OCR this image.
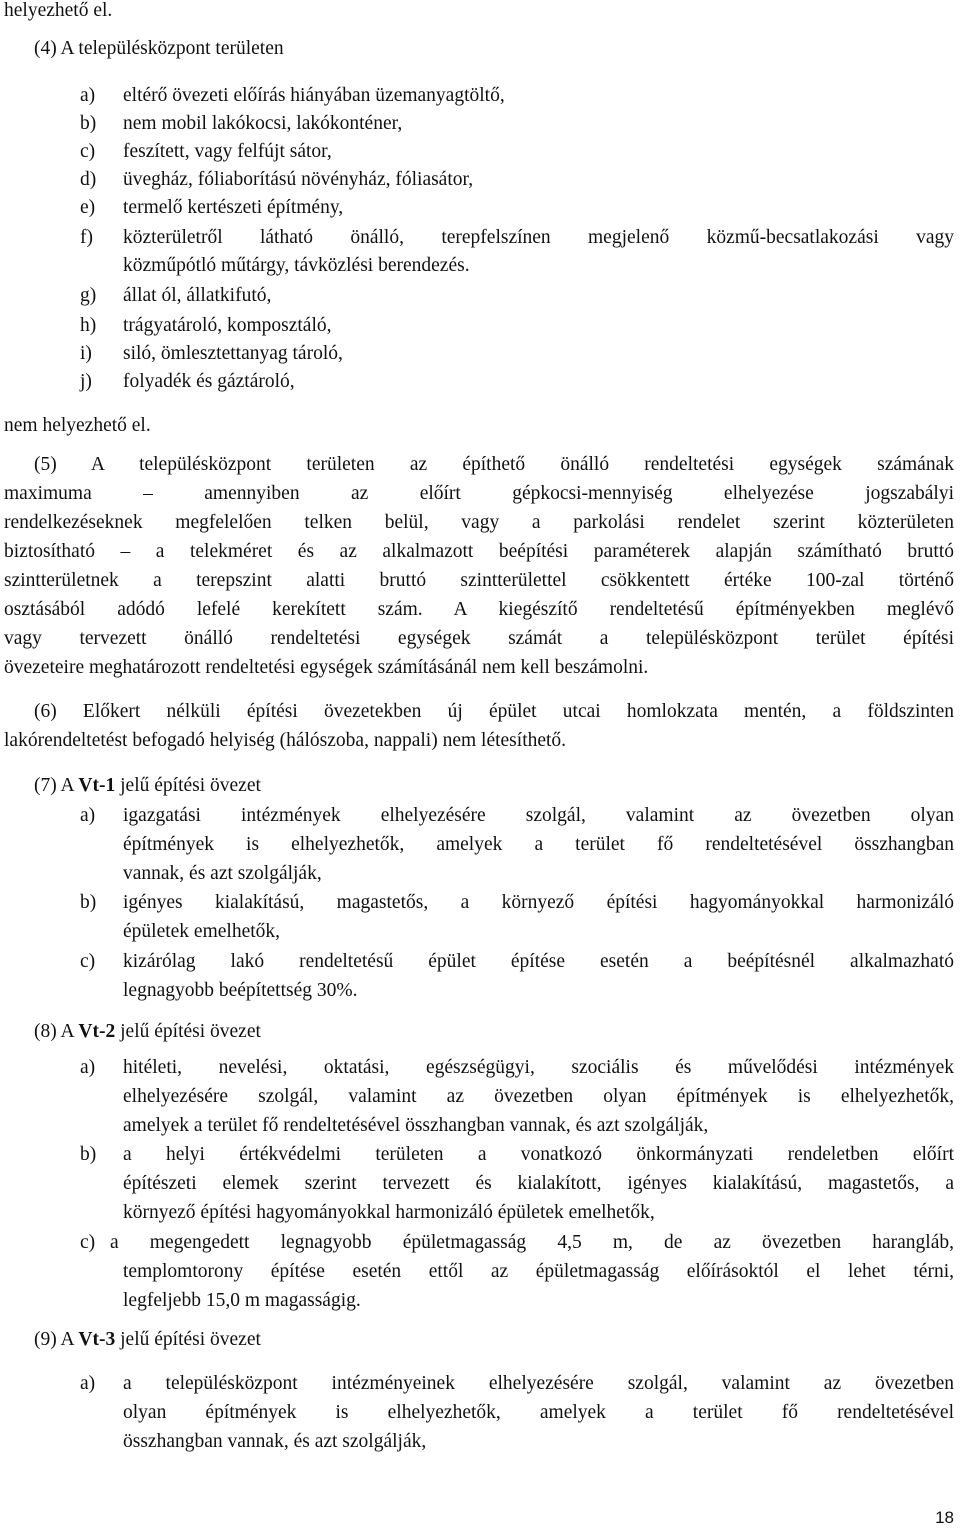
helyezhető el.
(4) A településközpont területen
a) eltérő övezeti előírás hiányában üzemanyagtöltő,
b) nem mobil lakókocsi, lakókonténer,
c) feszített, vagy felfújt sátor,
d) üvegház, fóliaborítású növényház, fóliasátor,
e) termelő kertészeti építmény,
f) közterületről látható önálló, terepfelszínen megjelenő közmű-becsatlakozási vagy
közműpótló műtárgy, távközlési berendezés.
g) állat ól, állatkifutó,
h) trágyatároló, komposztáló,
i) siló, ömlesztettanyag tároló,
j) folyadék és gáztároló,
nem helyezhető el.
(5) A településközpont területen az építhető önálló rendeltetési egységek számának
maximuma – amennyiben az előírt gépkocsi-mennyiség elhelyezése jogszabályi
rendelkezéseknek megfelelően telken belül, vagy a parkolási rendelet szerint közterületen
biztosítható – a telekméret és az alkalmazott beépítési paraméterek alapján számítható bruttó
szintterületnek a terepszint alatti bruttó szintterülettel csökkentett értéke 100-zal történő
osztásából adódó lefelé kerekített szám. A kiegészítő rendeltetésű építményekben meglévő
vagy tervezett önálló rendeltetési egységek számát a településközpont terület építési
övezeteire meghatározott rendeltetési egységek számításánál nem kell beszámolni.
(6) Előkert nélküli építési övezetekben új épület utcai homlokzata mentén, a földszinten
lakórendeltetést befogadó helyiség (hálószoba, nappali) nem létesíthető.
(7) A Vt-1 jelű építési övezet
a) igazgatási intézmények elhelyezésére szolgál, valamint az övezetben olyan
építmények is elhelyezhetők, amelyek a terület fő rendeltetésével összhangban
vannak, és azt szolgálják,
b) igényes kialakítású, magastetős, a környező építési hagyományokkal harmonizáló
épületek emelhetők,
c) kizárólag lakó rendeltetésű épület építése esetén a beépítésnél alkalmazható
legnagyobb beépítettség 30%.
(8) A Vt-2 jelű építési övezet
a) hitéleti, nevelési, oktatási, egészségügyi, szociális és művelődési intézmények
elhelyezésére szolgál, valamint az övezetben olyan építmények is elhelyezhetők,
amelyek a terület fő rendeltetésével összhangban vannak, és azt szolgálják,
b) a helyi értékvédelmi területen a vonatkozó önkormányzati rendeletben előírt
építészeti elemek szerint tervezett és kialakított, igényes kialakítású, magastetős, a
környező építési hagyományokkal harmonizáló épületek emelhetők,
c) a megengedett legnagyobb épületmagasság 4,5 m, de az övezetben harangláb,
templomtorony építése esetén ettől az épületmagasság előírásoktól el lehet térni,
legfeljebb 15,0 m magasságig.
(9) A Vt-3 jelű építési övezet
a) a településközpont intézményeinek elhelyezésére szolgál, valamint az övezetben
olyan építmények is elhelyezhetők, amelyek a terület fő rendeltetésével
összhangban vannak, és azt szolgálják,
18
